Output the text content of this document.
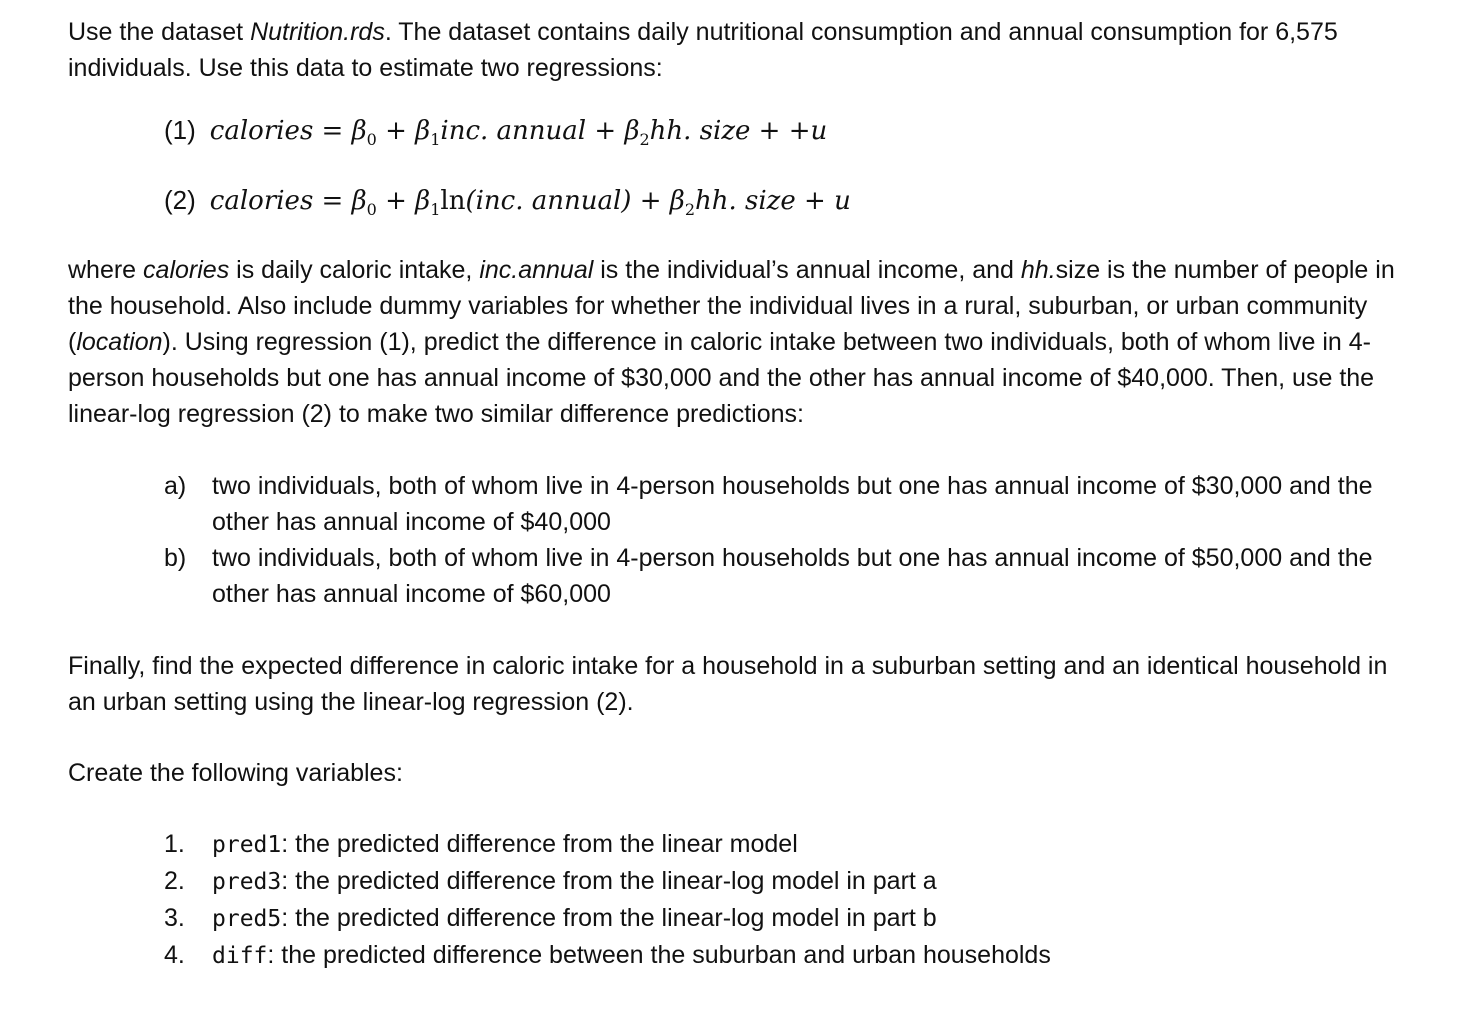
Use the dataset Nutrition.rds. The dataset contains daily nutritional consumption and annual consumption for 6,575 individuals. Use this data to estimate two regressions:

(1) calories = $\beta_0 + \beta_1inc$. annual + $\beta_2hh$. size + +u
(2) calories = $\beta_0 + \beta_1\ln(inc$. annual) + $\beta_2hh$. size + u

where calories is daily caloric intake, inc.annual is the individual’s annual income, and hh.size is the number of people in the household. Also include dummy variables for whether the individual lives in a rural, suburban, or urban community (location). Using regression (1), predict the difference in caloric intake between two individuals, both of whom live in 4-person households but one has annual income of $30,000 and the other has annual income of $40,000. Then, use the linear-log regression (2) to make two similar difference predictions:

a)	two individuals, both of whom live in 4-person households but one has annual income of $30,000 and the other has annual income of $40,000
b)	two individuals, both of whom live in 4-person households but one has annual income of $50,000 and the other has annual income of $60,000

Finally, find the expected difference in caloric intake for a household in a suburban setting and an identical household in an urban setting using the linear-log regression (2).

Create the following variables:

1.	pred1: the predicted difference from the linear model
2.	pred3: the predicted difference from the linear-log model in part a
3.	pred5: the predicted difference from the linear-log model in part b
4.	diff: the predicted difference between the suburban and urban households
